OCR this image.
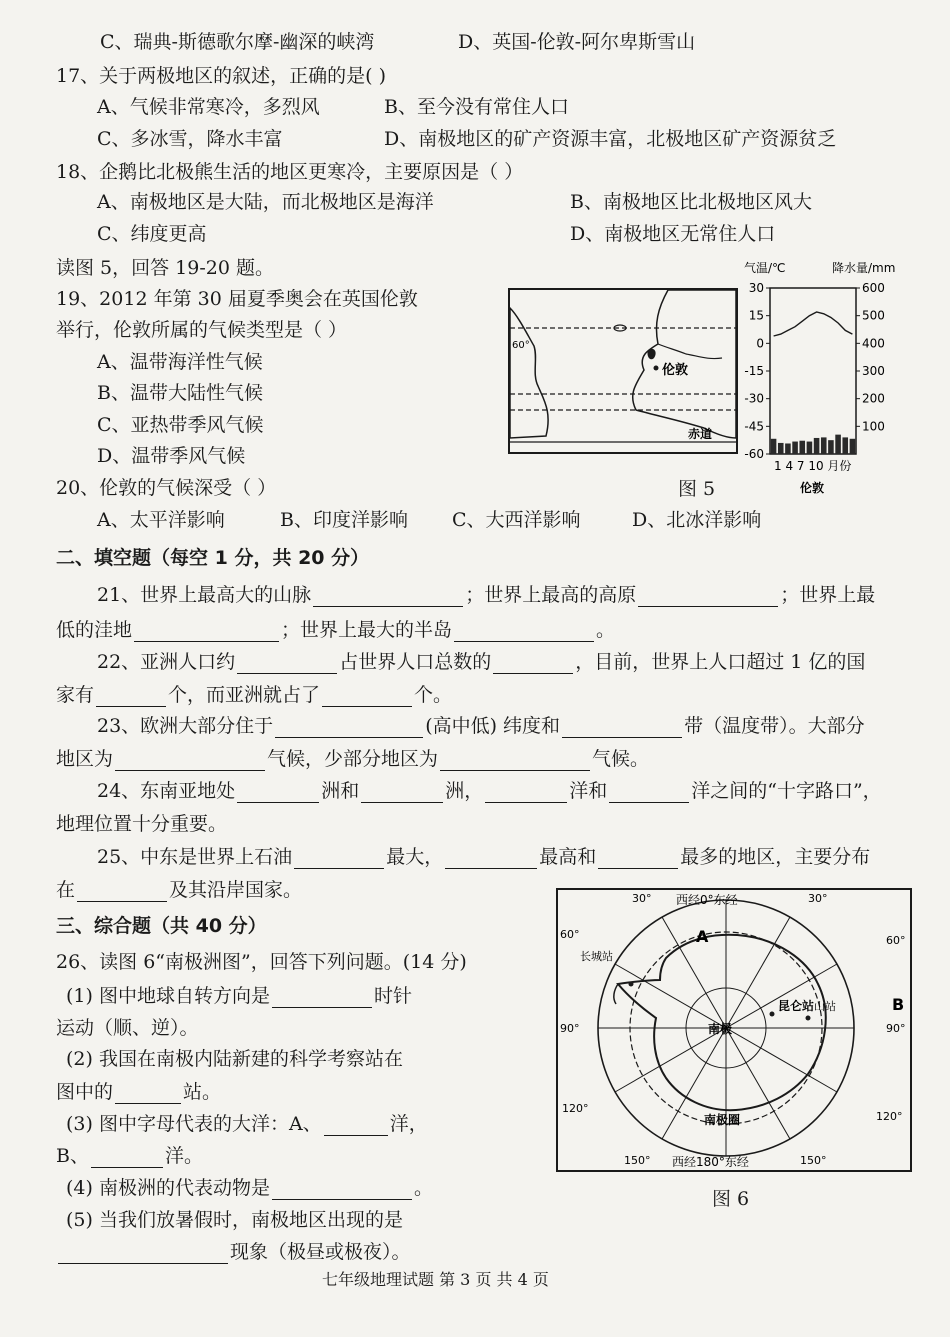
C、瑞典-斯德歌尔摩-幽深的峡湾	D、英国-伦敦-阿尔卑斯雪山
17、关于两极地区的叙述，正确的是( )
A、气候非常寒冷，多烈风	B、至今没有常住人口
C、多冰雪，降水丰富	D、南极地区的矿产资源丰富，北极地区矿产资源贫乏
18、企鹅比北极熊生活的地区更寒冷，主要原因是（ ）
A、南极地区是大陆，而北极地区是海洋	B、南极地区比北极地区风大
C、纬度更高	D、南极地区无常住人口
读图 5，回答 19-20 题。
19、2012 年第 30 届夏季奥会在英国伦敦
举行，伦敦所属的气候类型是（ ）
A、温带海洋性气候
B、温带大陆性气候
C、亚热带季风气候
D、温带季风气候
20、伦敦的气候深受（ ）
A、太平洋影响	B、印度洋影响 C、大西洋影响	D、北冰洋影响
伦敦
赤道
60°
气温/℃	降水量/mm
30
15
0
-15
-30
-45
-60
600
500
400
300
200
100
1 4 7 10 月份
伦敦
图 5
二、填空题（每空 1 分，共 20 分）
21、世界上最高大的山脉	；世界上最高的高原	；世界上最
低的洼地	；世界上最大的半岛	。
22、亚洲人口约	占世界人口总数的	，目前，世界上人口超过 1 亿的国
家有	个，而亚洲就占了	个。
23、欧洲大部分住于	(高中低) 纬度和	带（温度带）。大部分
地区为	气候，少部分地区为	气候。
24、东南亚地处	洲和	洲，	洋和	洋之间的“十字路口”，
地理位置十分重要。
25、中东是世界上石油	最大，	最高和	最多的地区，主要分布
在	及其沿岸国家。
三、综合题（共 40 分）
26、读图 6“南极洲图”，回答下列问题。(14 分)
(1) 图中地球自转方向是	时针
运动（顺、逆）。
(2) 我国在南极内陆新建的科学考察站在
图中的	站。
(3) 图中字母代表的大洋：A、	洋，
B、	洋。
(4) 南极洲的代表动物是	。
(5) 当我们放暑假时，南极地区出现的是
现象（极昼或极夜）。
西经0°东经
西经180°东经
A
B
南极
昆仑站
长城站
山站
南极圈
30°	30°
60°	60°
90°	90°
120°
120°
150°	150°
图 6
七年级地理试题 第 3 页 共 4 页
